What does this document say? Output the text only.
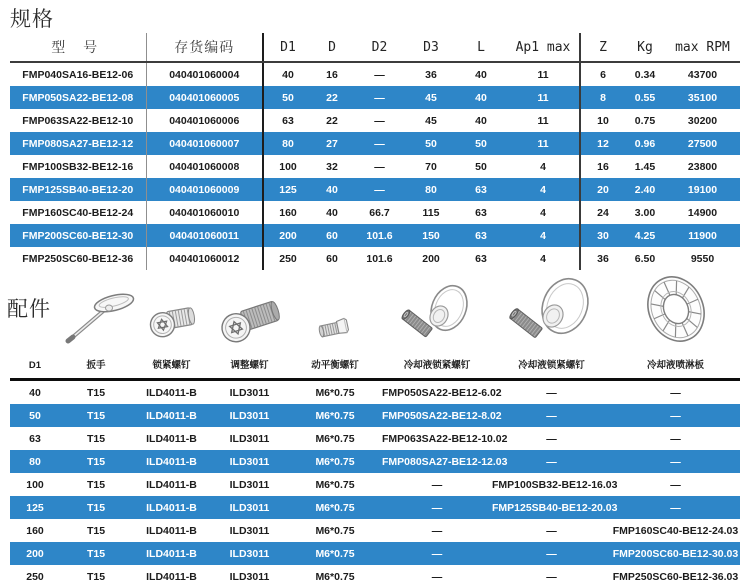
规格
型 号	存货编码	D1	D	D2	D3	L	Ap1 max	Z	Kg	max RPM
FMP040SA16-BE12-06	040401060004	40	16	—	36	40	11	6	0.34	43700
FMP050SA22-BE12-08	040401060005	50	22	—	45	40	11	8	0.55	35100
FMP063SA22-BE12-10	040401060006	63	22	—	45	40	11	10	0.75	30200
FMP080SA27-BE12-12	040401060007	80	27	—	50	50	11	12	0.96	27500
FMP100SB32-BE12-16	040401060008	100	32	—	70	50	4	16	1.45	23800
FMP125SB40-BE12-20	040401060009	125	40	—	80	63	4	20	2.40	19100
FMP160SC40-BE12-24	040401060010	160	40	66.7	115	63	4	24	3.00	14900
FMP200SC60-BE12-30	040401060011	200	60	101.6	150	63	4	30	4.25	11900
FMP250SC60-BE12-36	040401060012	250	60	101.6	200	63	4	36	6.50	9550
配件

D1	扳手	锁紧螺钉	调整螺钉	动平衡螺钉	冷却液锁紧螺钉	冷却液锁紧螺钉	冷却液喷淋板
40	T15	ILD4011-B	ILD3011	M6*0.75	FMP050SA22-BE12-6.02	—	—
50	T15	ILD4011-B	ILD3011	M6*0.75	FMP050SA22-BE12-8.02	—	—
63	T15	ILD4011-B	ILD3011	M6*0.75	FMP063SA22-BE12-10.02	—	—
80	T15	ILD4011-B	ILD3011	M6*0.75	FMP080SA27-BE12-12.03	—	—
100	T15	ILD4011-B	ILD3011	M6*0.75	—	FMP100SB32-BE12-16.03	—
125	T15	ILD4011-B	ILD3011	M6*0.75	—	FMP125SB40-BE12-20.03	—
160	T15	ILD4011-B	ILD3011	M6*0.75	—	—	FMP160SC40-BE12-24.03
200	T15	ILD4011-B	ILD3011	M6*0.75	—	—	FMP200SC60-BE12-30.03
250	T15	ILD4011-B	ILD3011	M6*0.75	—	—	FMP250SC60-BE12-36.03
